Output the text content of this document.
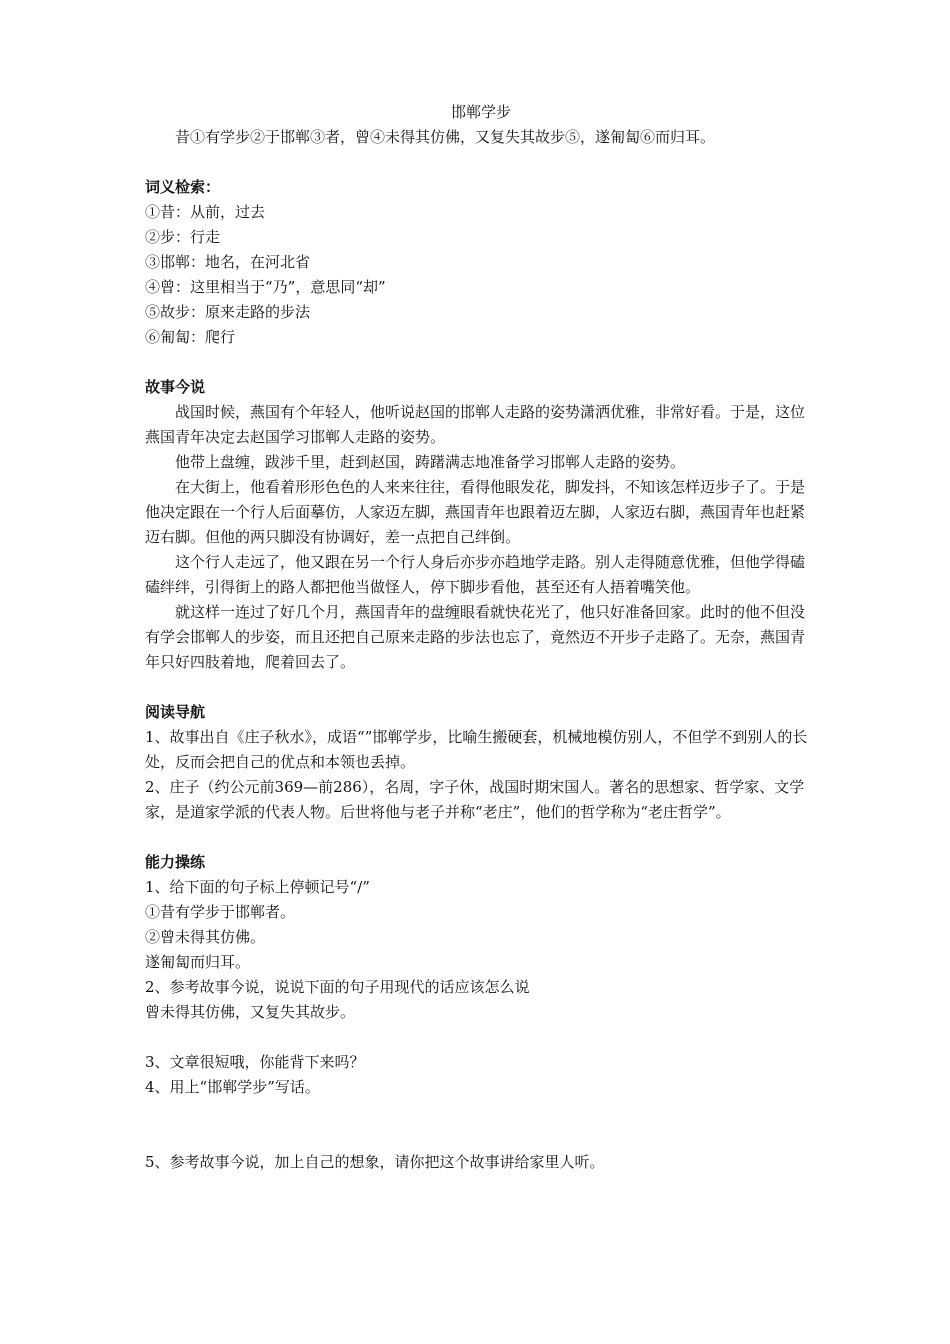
邯郸学步

昔①有学步②于邯郸③者，曾④未得其仿佛，又复失其故步⑤，遂匍匐⑥而归耳。

词义检索：

①昔：从前，过去

②步：行走

③邯郸：地名，在河北省

④曾：这里相当于“乃”，意思同“却”

⑤故步：原来走路的步法

⑥匍匐：爬行

故事今说

战国时候，燕国有个年轻人，他听说赵国的邯郸人走路的姿势潇洒优雅，非常好看。于是，这位燕国青年决定去赵国学习邯郸人走路的姿势。

他带上盘缠，跋涉千里，赶到赵国，踌躇满志地准备学习邯郸人走路的姿势。

在大街上，他看着形形色色的人来来往往，看得他眼发花，脚发抖，不知该怎样迈步子了。于是他决定跟在一个行人后面摹仿，人家迈左脚，燕国青年也跟着迈左脚，人家迈右脚，燕国青年也赶紧迈右脚。但他的两只脚没有协调好，差一点把自己绊倒。

这个行人走远了，他又跟在另一个行人身后亦步亦趋地学走路。别人走得随意优雅，但他学得磕磕绊绊，引得街上的路人都把他当做怪人，停下脚步看他，甚至还有人捂着嘴笑他。

就这样一连过了好几个月，燕国青年的盘缠眼看就快花光了，他只好准备回家。此时的他不但没有学会邯郸人的步姿，而且还把自己原来走路的步法也忘了，竟然迈不开步子走路了。无奈，燕国青年只好四肢着地，爬着回去了。

阅读导航

1、故事出自《庄子秋水》，成语“”邯郸学步，比喻生搬硬套，机械地模仿别人，不但学不到别人的长处，反而会把自己的优点和本领也丢掉。

2、庄子（约公元前369—前286），名周，字子休，战国时期宋国人。著名的思想家、哲学家、文学家，是道家学派的代表人物。后世将他与老子并称“老庄”，他们的哲学称为“老庄哲学”。

能力操练

1、给下面的句子标上停顿记号“/”

①昔有学步于邯郸者。

②曾未得其仿佛。

遂匍匐而归耳。

2、参考故事今说，说说下面的句子用现代的话应该怎么说

曾未得其仿佛，又复失其故步。

3、文章很短哦，你能背下来吗？

4、用上“邯郸学步”写话。

5、参考故事今说，加上自己的想象，请你把这个故事讲给家里人听。
